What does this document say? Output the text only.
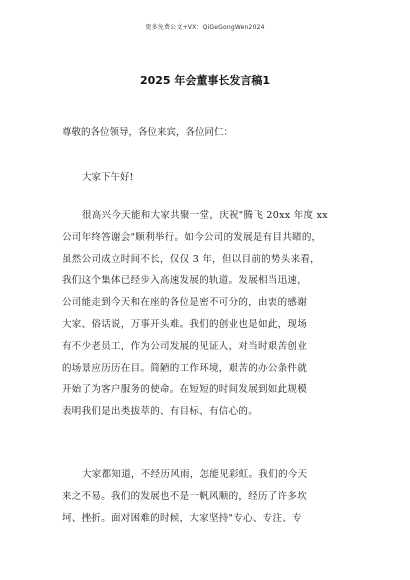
更多免费公文+VX：QiGeGongWen2024
2025 年会董事长发言稿1
尊敬的各位领导，各位来宾，各位同仁：
大家下午好!
很高兴今天能和大家共聚一堂，庆祝"腾飞 20xx 年度 xx
公司年终答谢会"顺利举行。如今公司的发展是有目共睹的，
虽然公司成立时间不长，仅仅 3 年，但以目前的势头来看，
我们这个集体已经步入高速发展的轨道。发展相当迅速，
公司能走到今天和在座的各位是密不可分的，由衷的感谢
大家、俗话说，万事开头难。我们的创业也是如此，现场
有不少老员工，作为公司发展的见证人，对当时艰苦创业
的场景应历历在目。简陋的工作环境，艰苦的办公条件就
开始了为客户服务的使命。在短短的时间发展到如此规模
表明我们是出类拔萃的、有目标、有信心的。
大家都知道，不经历风雨，怎能见彩虹。我们的今天
来之不易。我们的发展也不是一帆风顺的，经历了许多坎
坷、挫折。面对困难的时候，大家坚持"专心、专注、专
